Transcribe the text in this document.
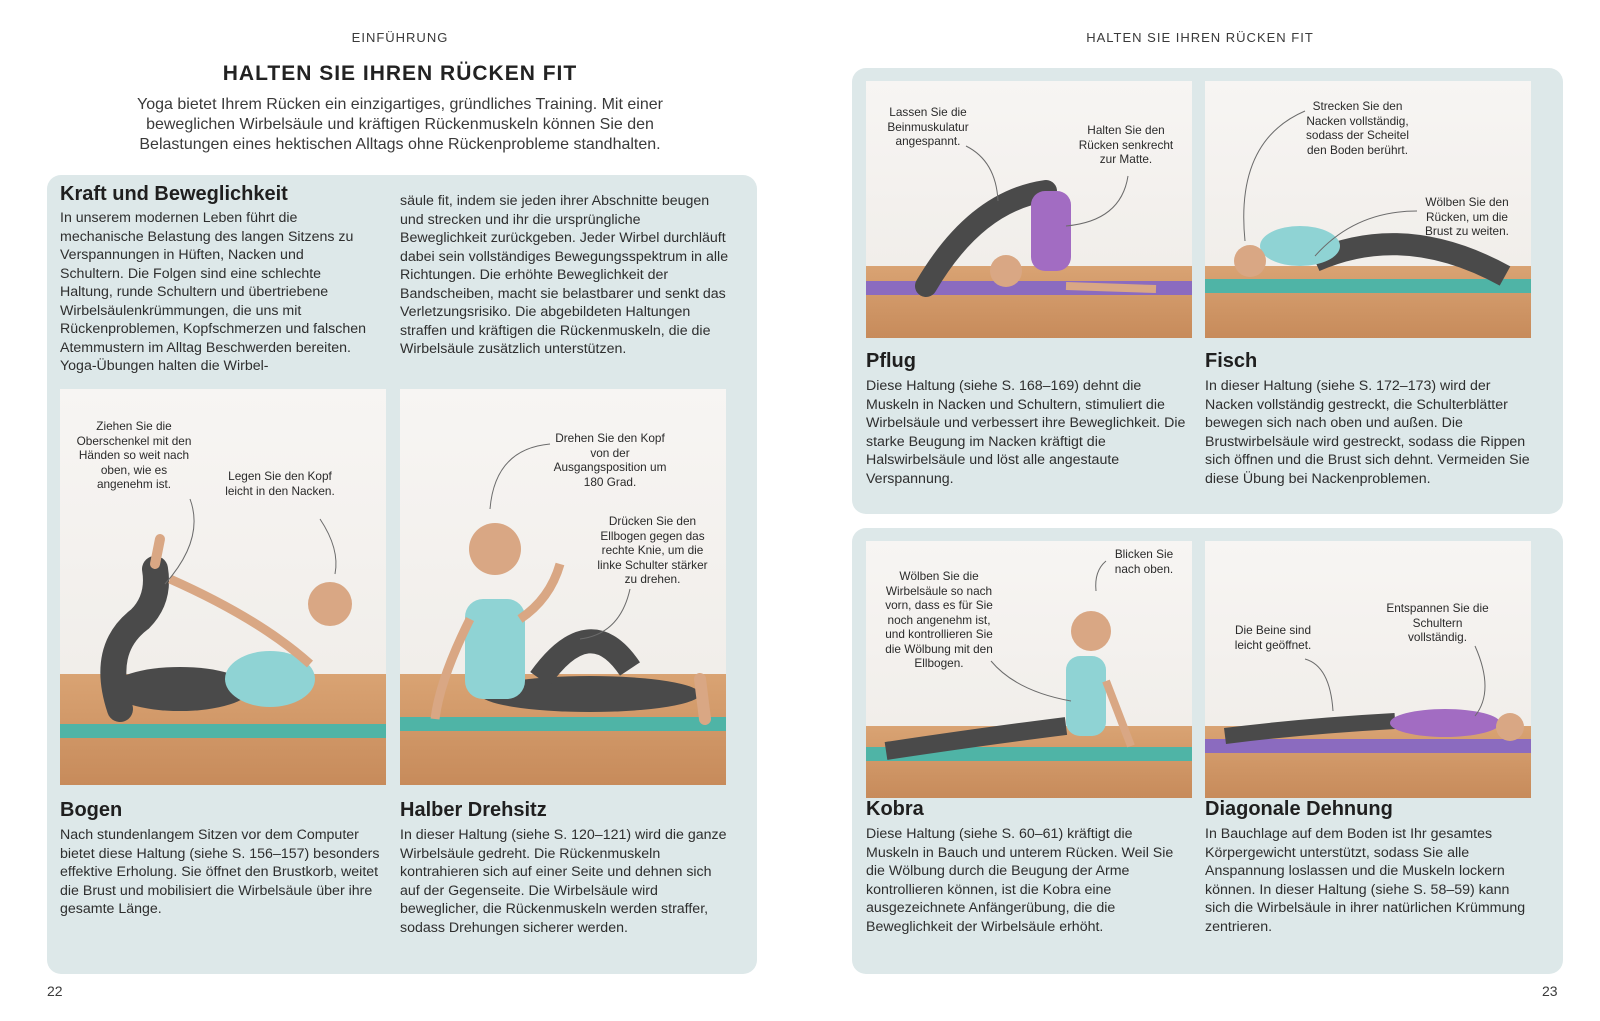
EINFÜHRUNG
HALTEN SIE IHREN RÜCKEN FIT
Yoga bietet Ihrem Rücken ein einzigartiges, gründliches Training. Mit einer beweglichen Wirbelsäule und kräftigen Rückenmuskeln können Sie den Belastungen eines hektischen Alltags ohne Rückenprobleme standhalten.
Kraft und Beweglichkeit
In unserem modernen Leben führt die mechanische Belastung des langen Sitzens zu Verspannungen in Hüften, Nacken und Schultern. Die Folgen sind eine schlechte Haltung, runde Schultern und übertriebene Wirbelsäulenkrümmungen, die uns mit Rückenproblemen, Kopfschmerzen und falschen Atemmustern im Alltag Beschwerden bereiten. Yoga-Übungen halten die Wirbel-
säule fit, indem sie jeden ihrer Abschnitte beugen und strecken und ihr die ursprüngliche Beweglichkeit zurückgeben. Jeder Wirbel durchläuft dabei sein vollständiges Bewegungsspektrum in alle Richtungen. Die erhöhte Beweglichkeit der Bandscheiben, macht sie belastbarer und senkt das Verletzungsrisiko. Die abgebildeten Haltungen straffen und kräftigen die Rückenmuskeln, die die Wirbelsäule zusätzlich unterstützen.
Ziehen Sie die Oberschenkel mit den Händen so weit nach oben, wie es angenehm ist.
Legen Sie den Kopf leicht in den Nacken.
Drehen Sie den Kopf von der Ausgangsposition um 180 Grad.
Drücken Sie den Ellbogen gegen das rechte Knie, um die linke Schulter stärker zu drehen.
Bogen
Nach stundenlangem Sitzen vor dem Computer bietet diese Haltung (siehe S. 156–157) besonders effektive Erholung. Sie öffnet den Brustkorb, weitet die Brust und mobilisiert die Wirbelsäule über ihre gesamte Länge.
Halber Drehsitz
In dieser Haltung (siehe S. 120–121) wird die ganze Wirbelsäule gedreht. Die Rückenmuskeln kontrahieren sich auf einer Seite und dehnen sich auf der Gegenseite. Die Wirbelsäule wird beweglicher, die Rückenmuskeln werden straffer, sodass Drehungen sicherer werden.
22
HALTEN SIE IHREN RÜCKEN FIT
Lassen Sie die Beinmuskulatur angespannt.
Halten Sie den Rücken senkrecht zur Matte.
Strecken Sie den Nacken vollständig, sodass der Scheitel den Boden berührt.
Wölben Sie den Rücken, um die Brust zu weiten.
Pflug
Diese Haltung (siehe S. 168–169) dehnt die Muskeln in Nacken und Schultern, stimuliert die Wirbelsäule und verbessert ihre Beweglichkeit. Die starke Beugung im Nacken kräftigt die Halswirbelsäule und löst alle angestaute Verspannung.
Fisch
In dieser Haltung (siehe S. 172–173) wird der Nacken vollständig gestreckt, die Schulterblätter bewegen sich nach oben und außen. Die Brustwirbelsäule wird gestreckt, sodass die Rippen sich öffnen und die Brust sich dehnt. Vermeiden Sie diese Übung bei Nackenproblemen.
Blicken Sie nach oben.
Wölben Sie die Wirbelsäule so nach vorn, dass es für Sie noch angenehm ist, und kontrollieren Sie die Wölbung mit den Ellbogen.
Die Beine sind leicht geöffnet.
Entspannen Sie die Schultern vollständig.
Kobra
Diese Haltung (siehe S. 60–61) kräftigt die Muskeln in Bauch und unterem Rücken. Weil Sie die Wölbung durch die Beugung der Arme kontrollieren können, ist die Kobra eine ausgezeichnete Anfängerübung, die die Beweglichkeit der Wirbelsäule erhöht.
Diagonale Dehnung
In Bauchlage auf dem Boden ist Ihr gesamtes Körpergewicht unterstützt, sodass Sie alle Anspannung loslassen und die Muskeln lockern können. In dieser Haltung (siehe S. 58–59) kann sich die Wirbelsäule in ihrer natürlichen Krümmung zentrieren.
23
